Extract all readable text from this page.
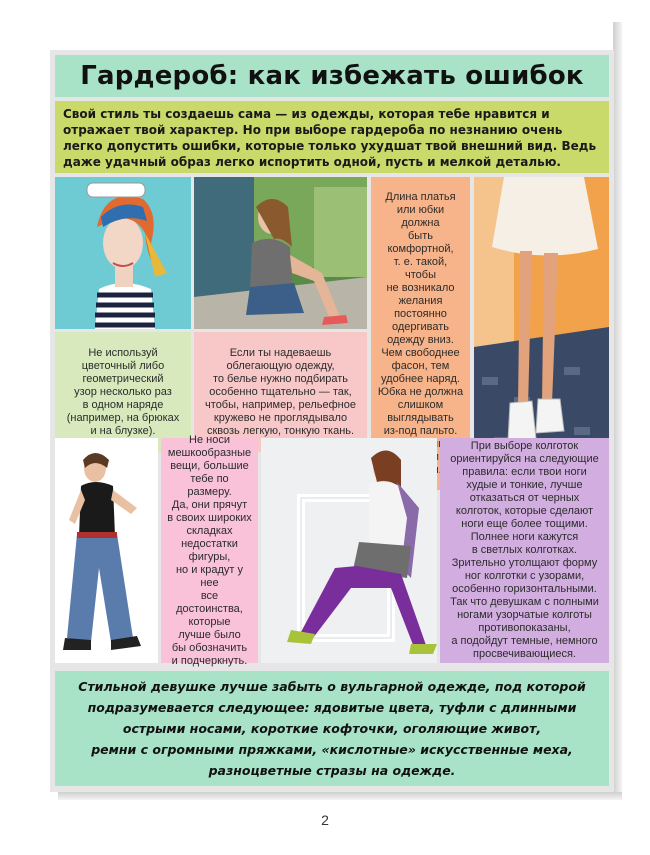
Гардероб: как избежать ошибок
Свой стиль ты создаешь сама — из одежды, которая тебе нравится и отражает твой характер. Но при выборе гардероба по незнанию очень легко допустить ошибки, которые только ухудшат твой внешний вид. Ведь даже удачный образ легко испортить одной, пусть и мелкой деталью.
Длина платья
или юбки должна
быть комфортной,
т. е. такой, чтобы
не возникало
желания
постоянно
одергивать
одежду вниз.
Чем свободнее
фасон, тем
удобнее наряд.
Юбка не должна
слишком
выглядывать
из-под пальто.

Не используй
цветочный либо
геометрический
узор несколько раз
в одном наряде
(например, на брюках
и на блузке).
Если ты надеваешь
облегающую одежду,
то белье нужно подбирать
особенно тщательно — так,
чтобы, например, рельефное
кружево не проглядывало
сквозь легкую, тонкую ткань.
Не носи
мешкообразные
вещи, большие
тебе по размеру.
Да, они прячут
в своих широких
складках
недостатки
фигуры,
но и крадут у нее
все достоинства,
которые
лучше было
бы обозначить
и подчеркнуть.
При выборе колготок
ориентируйся на следующие
правила: если твои ноги
худые и тонкие, лучше
отказаться от черных
колготок, которые сделают
ноги еще более тощими.
Полнее ноги кажутся
в светлых колготках.
Зрительно утолщают форму
ног колготки с узорами,
особенно горизонтальными.
Так что девушкам с полными
ногами узорчатые колготы
противопоказаны,
а подойдут темные, немного
просвечивающиеся.
Стильной девушке лучше забыть о вульгарной одежде, под которой
подразумевается следующее: ядовитые цвета, туфли с длинными
острыми носами, короткие кофточки, оголяющие живот,
ремни с огромными пряжками, «кислотные» искусственные меха,
разноцветные стразы на одежде.
2
